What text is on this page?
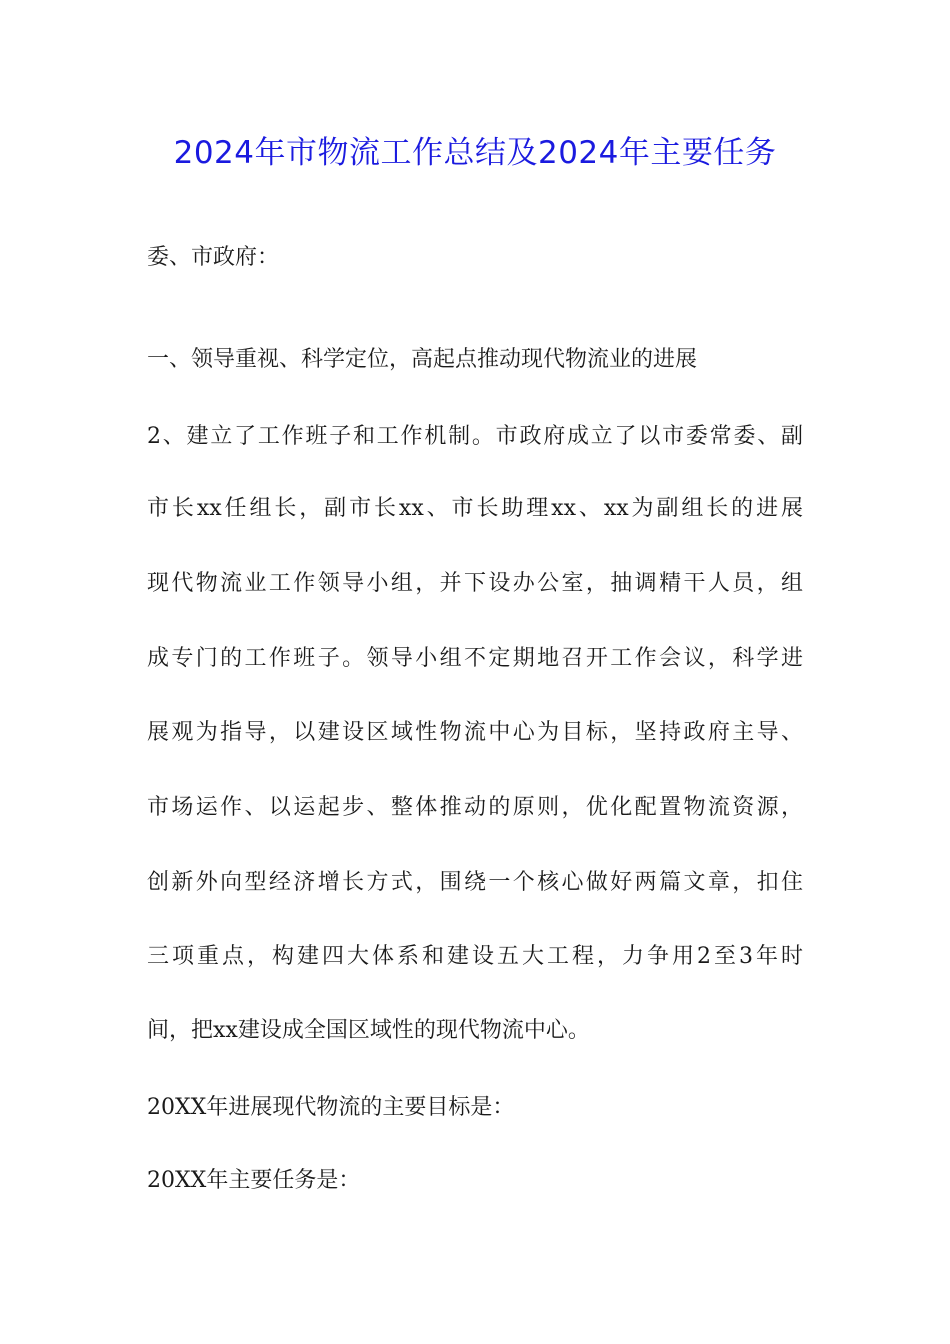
2024年市物流工作总结及2024年主要任务
委、市政府：
一、领导重视、科学定位，高起点推动现代物流业的进展
2、建立了工作班子和工作机制。市政府成立了以市委常委、副
市长xx任组长，副市长xx、市长助理xx、xx为副组长的进展
现代物流业工作领导小组，并下设办公室，抽调精干人员，组
成专门的工作班子。领导小组不定期地召开工作会议，科学进
展观为指导，以建设区域性物流中心为目标，坚持政府主导、
市场运作、以运起步、整体推动的原则，优化配置物流资源，
创新外向型经济增长方式，围绕一个核心做好两篇文章，扣住
三项重点，构建四大体系和建设五大工程，力争用2至3年时
间，把xx建设成全国区域性的现代物流中心。
20XX年进展现代物流的主要目标是：
20XX年主要任务是：
